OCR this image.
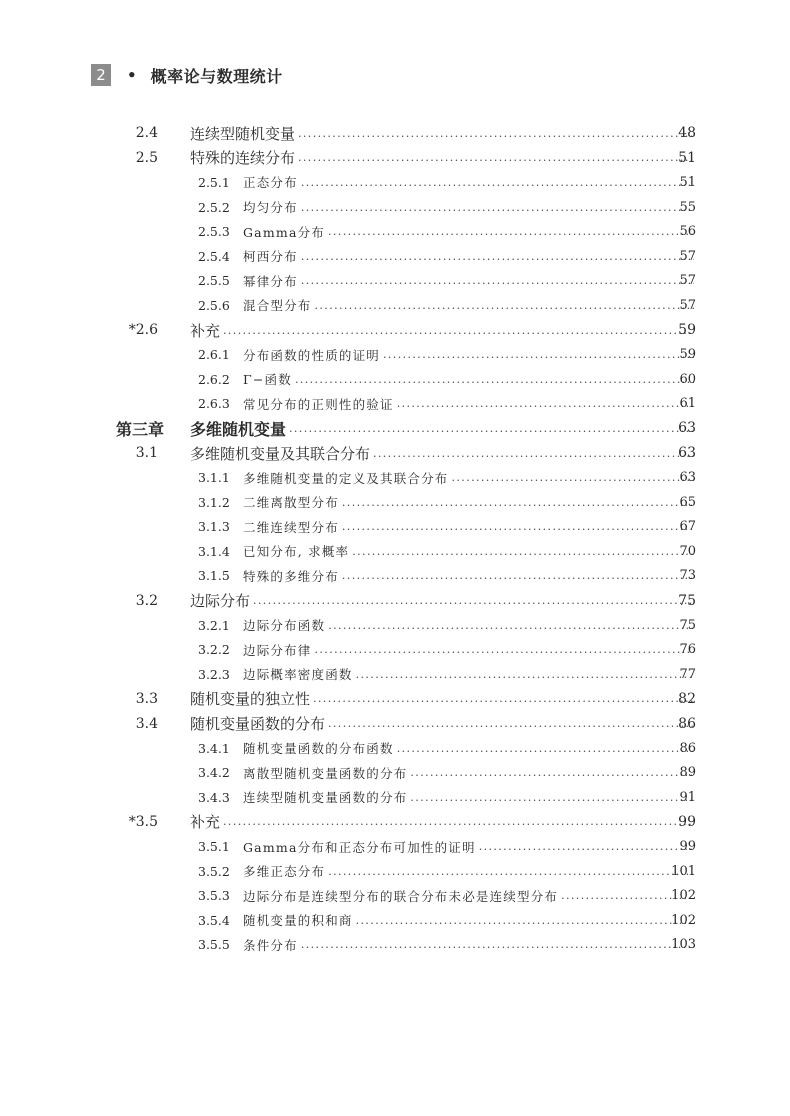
2	• 概率论与数理统计
2.4 连续型随机变量 .....	48
2.5 特殊的连续分布 .....	51
2.5.1 正态分布 .....	51
2.5.2 均匀分布 .....	55
2.5.3 Gamma分布 .....	56
2.5.4 柯西分布 .....	57
2.5.5 幂律分布 .....	57
2.5.6 混合型分布 .....	57
*2.6 补充 .....	59
2.6.1 分布函数的性质的证明 .....	59
2.6.2 Γ−函数 .....	60
2.6.3 常见分布的正则性的验证 .....	61
第三章	多维随机变量 .....	63
3.1 多维随机变量及其联合分布 .....	63
3.1.1 多维随机变量的定义及其联合分布 .....	63
3.1.2 二维离散型分布 .....	65
3.1.3 二维连续型分布 .....	67
3.1.4 已知分布, 求概率 .....	70
3.1.5 特殊的多维分布 .....	73
3.2 边际分布 .....	75
3.2.1 边际分布函数 .....	75
3.2.2 边际分布律 .....	76
3.2.3 边际概率密度函数 .....	77
3.3 随机变量的独立性 .....	82
3.4 随机变量函数的分布 .....	86
3.4.1 随机变量函数的分布函数 .....	86
3.4.2 离散型随机变量函数的分布 .....	89
3.4.3 连续型随机变量函数的分布 .....	91
*3.5 补充 .....	99
3.5.1 Gamma分布和正态分布可加性的证明 .....	99
3.5.2 多维正态分布 .....	101
3.5.3 边际分布是连续型分布的联合分布未必是连续型分布 .....	102
3.5.4 随机变量的积和商 .....	102
3.5.5 条件分布 .....	103
